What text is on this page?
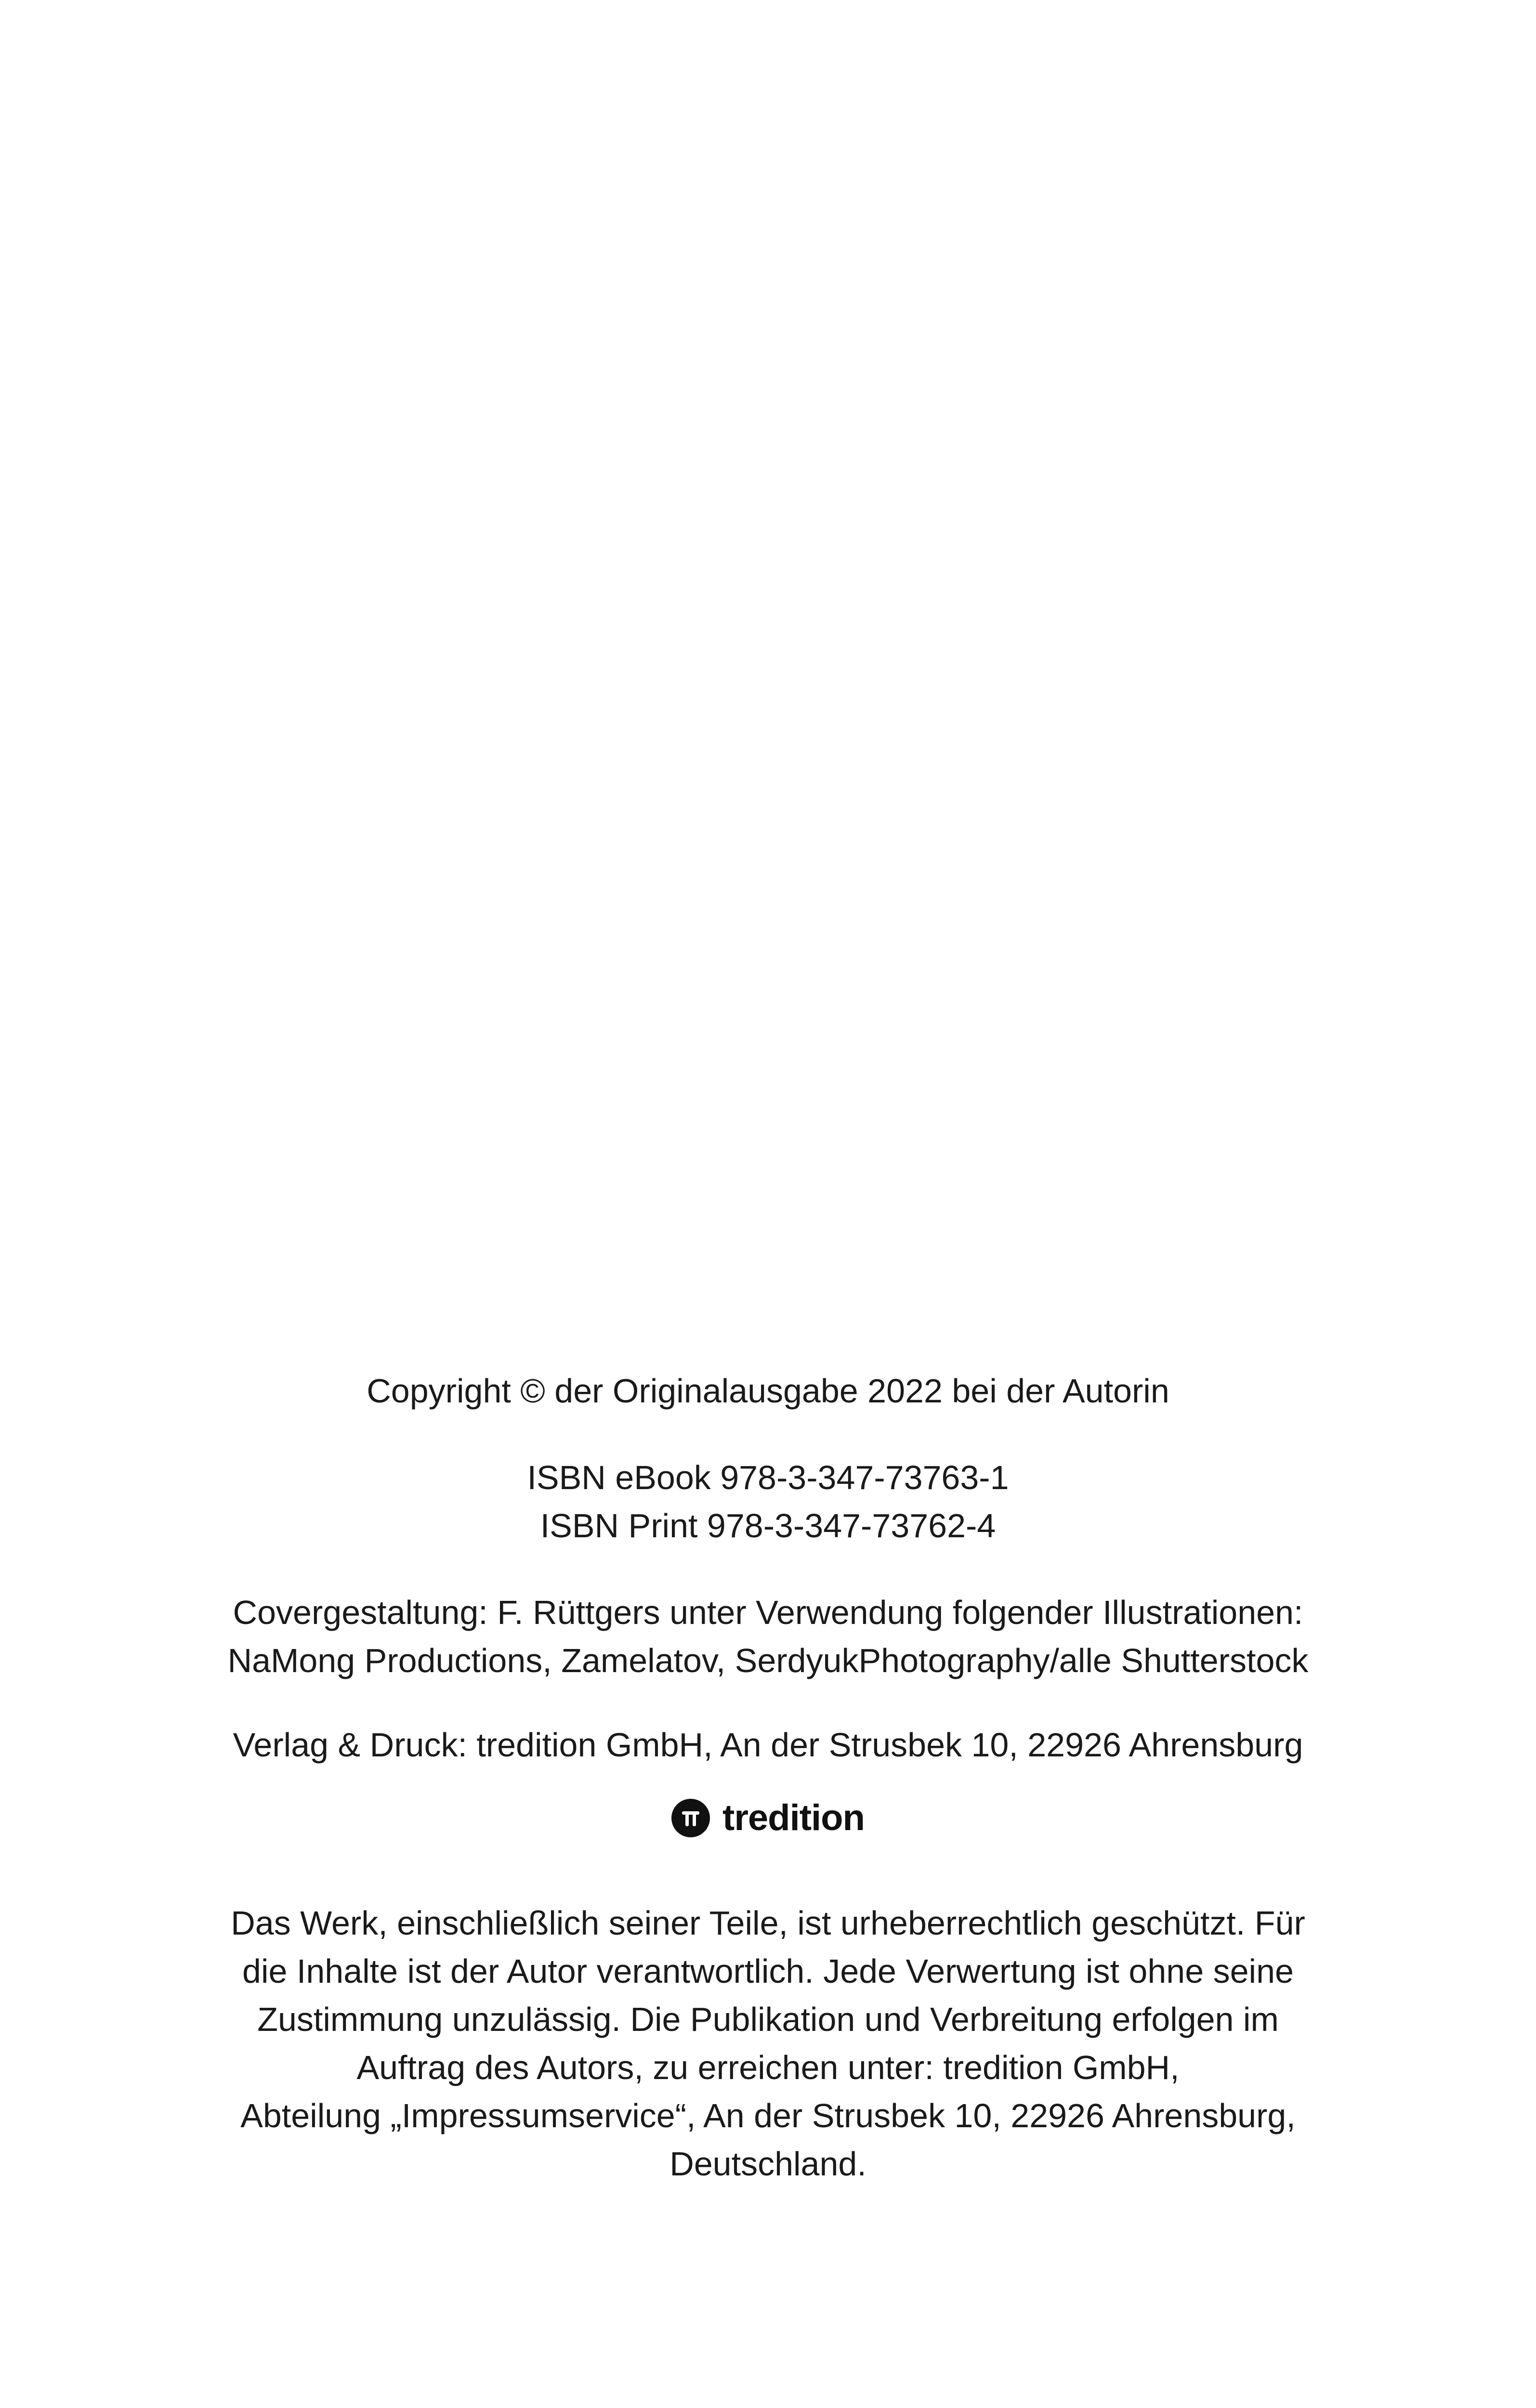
Copyright © der Originalausgabe 2022 bei der Autorin

ISBN eBook 978-3-347-73763-1

ISBN Print 978-3-347-73762-4

Covergestaltung: F. Rüttgers unter Verwendung folgender Illustrationen:

NaMong Productions, Zamelatov, SerdyukPhotography/alle Shutterstock

Verlag & Druck: tredition GmbH, An der Strusbek 10, 22926 Ahrensburg

tredition

Das Werk, einschließlich seiner Teile, ist urheberrechtlich geschützt. Für

die Inhalte ist der Autor verantwortlich. Jede Verwertung ist ohne seine

Zustimmung unzulässig. Die Publikation und Verbreitung erfolgen im

Auftrag des Autors, zu erreichen unter: tredition GmbH,

Abteilung „Impressumservice“, An der Strusbek 10, 22926 Ahrensburg,

Deutschland.
